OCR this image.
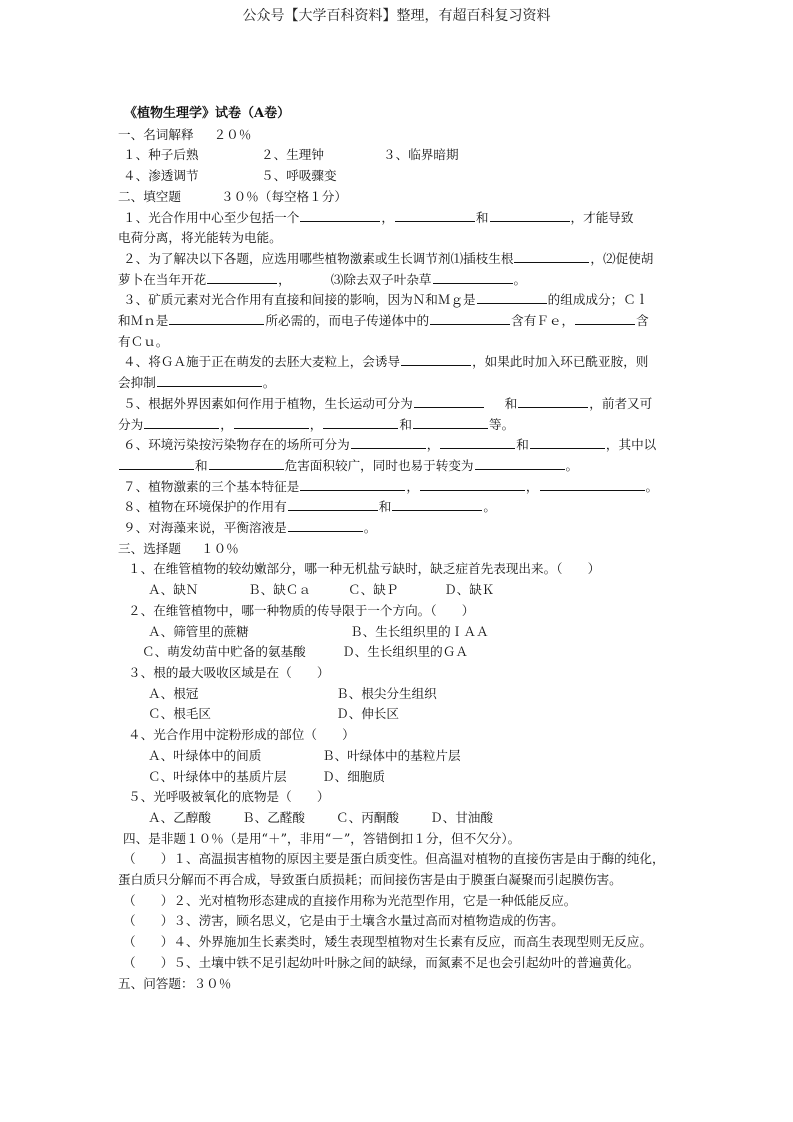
公众号【大学百科资料】整理，有超百科复习资料
《植物生理学》试卷（A卷）
一、名词解释 ２０％
１、种子后熟	２、生理钟	３、临界暗期
４、渗透调节	５、呼吸骤变
二、填空题	３０％（每空格１分）
１、光合作用中心至少包括一个	，	和	，才能导致
电荷分离，将光能转为电能。
２、为了解决以下各题，应选用哪些植物激素或生长调节剂⑴插枝生根	，⑵促使胡
萝卜在当年开花	，	⑶除去双子叶杂草	。
３、矿质元素对光合作用有直接和间接的影响，因为Ｎ和Ｍｇ是	的组成成分；Ｃｌ
和Ｍｎ是	所必需的，而电子传递体中的	含有Ｆｅ，	含
有Ｃｕ。
４、将ＧＡ施于正在萌发的去胚大麦粒上，会诱导	，如果此时加入环已酰亚胺，则
会抑制	。
５、根据外界因素如何作用于植物，生长运动可分为	和	，前者又可
分为	，	，	和	等。
６、环境污染按污染物存在的场所可分为	，	和	，其中以
和	危害面积较广，同时也易于转变为	。
７、植物激素的三个基本特征是	，	，	。
８、植物在环境保护的作用有	和	。
９、对海藻来说，平衡溶液是	。
三、选择题 １０％
１、在维管植物的较幼嫩部分，哪一种无机盐亏缺时，缺乏症首先表现出来。（　　）
Ａ、缺Ｎ	Ｂ、缺Ｃａ	Ｃ、缺Ｐ	Ｄ、缺Ｋ
２、在维管植物中，哪一种物质的传导限于一个方向。（　　）
Ａ、筛管里的蔗糖	Ｂ、生长组织里的ＩＡＡ
Ｃ、萌发幼苗中贮备的氨基酸	Ｄ、生长组织里的ＧＡ
３、根的最大吸收区域是在（　　）
Ａ、根冠	Ｂ、根尖分生组织
Ｃ、根毛区	Ｄ、伸长区
４、光合作用中淀粉形成的部位（　　）
Ａ、叶绿体中的间质	Ｂ、叶绿体中的基粒片层
Ｃ、叶绿体中的基质片层	Ｄ、细胞质
５、光呼吸被氧化的底物是（　　）
Ａ、乙醇酸 Ｂ、乙醛酸 Ｃ、丙酮酸 Ｄ、甘油酸
四、是非题１０％（是用“＋”，非用“－”，答错倒扣１分，但不欠分）。
（　　）１、高温损害植物的原因主要是蛋白质变性。但高温对植物的直接伤害是由于酶的纯化，
蛋白质只分解而不再合成，导致蛋白质损耗；而间接伤害是由于膜蛋白凝聚而引起膜伤害。
（　　）２、光对植物形态建成的直接作用称为光范型作用，它是一种低能反应。
（　　）３、涝害，顾名思义，它是由于土壤含水量过高而对植物造成的伤害。
（　　）４、外界施加生长素类时，矮生表现型植物对生长素有反应，而高生表现型则无反应。
（　　）５、土壤中铁不足引起幼叶叶脉之间的缺绿，而氮素不足也会引起幼叶的普遍黄化。
五、问答题：３０％
